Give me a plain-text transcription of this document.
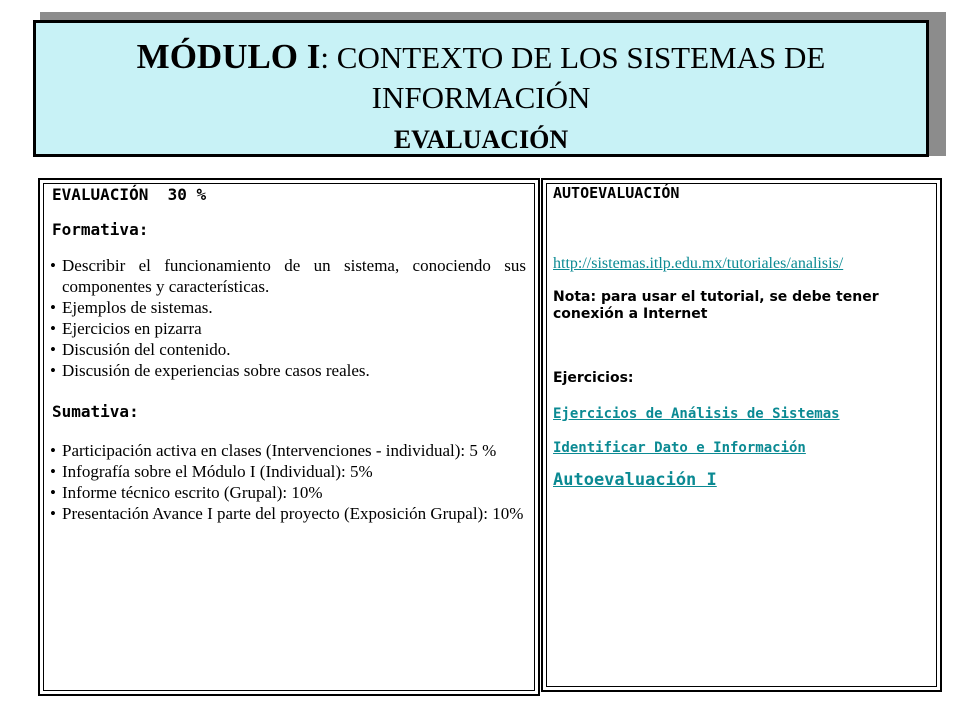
MÓDULO I: CONTEXTO DE LOS SISTEMAS DE
INFORMACIÓN
EVALUACIÓN
EVALUACIÓN  30 %
Formativa:
• Describir el funcionamiento de un sistema, conociendo sus componentes y características.
• Ejemplos de sistemas.
• Ejercicios en pizarra
• Discusión del contenido.
• Discusión de experiencias sobre casos reales.
Sumativa:
• Participación activa en clases (Intervenciones - individual): 5 %
• Infografía sobre el Módulo I (Individual): 5%
• Informe técnico escrito (Grupal): 10%
• Presentación Avance I parte del proyecto (Exposición Grupal): 10%
AUTOEVALUACIÓN
http://sistemas.itlp.edu.mx/tutoriales/analisis/
Nota: para usar el tutorial, se debe tener conexión a Internet
Ejercicios:
Ejercicios de Análisis de Sistemas
Identificar Dato e Información
Autoevaluación I
